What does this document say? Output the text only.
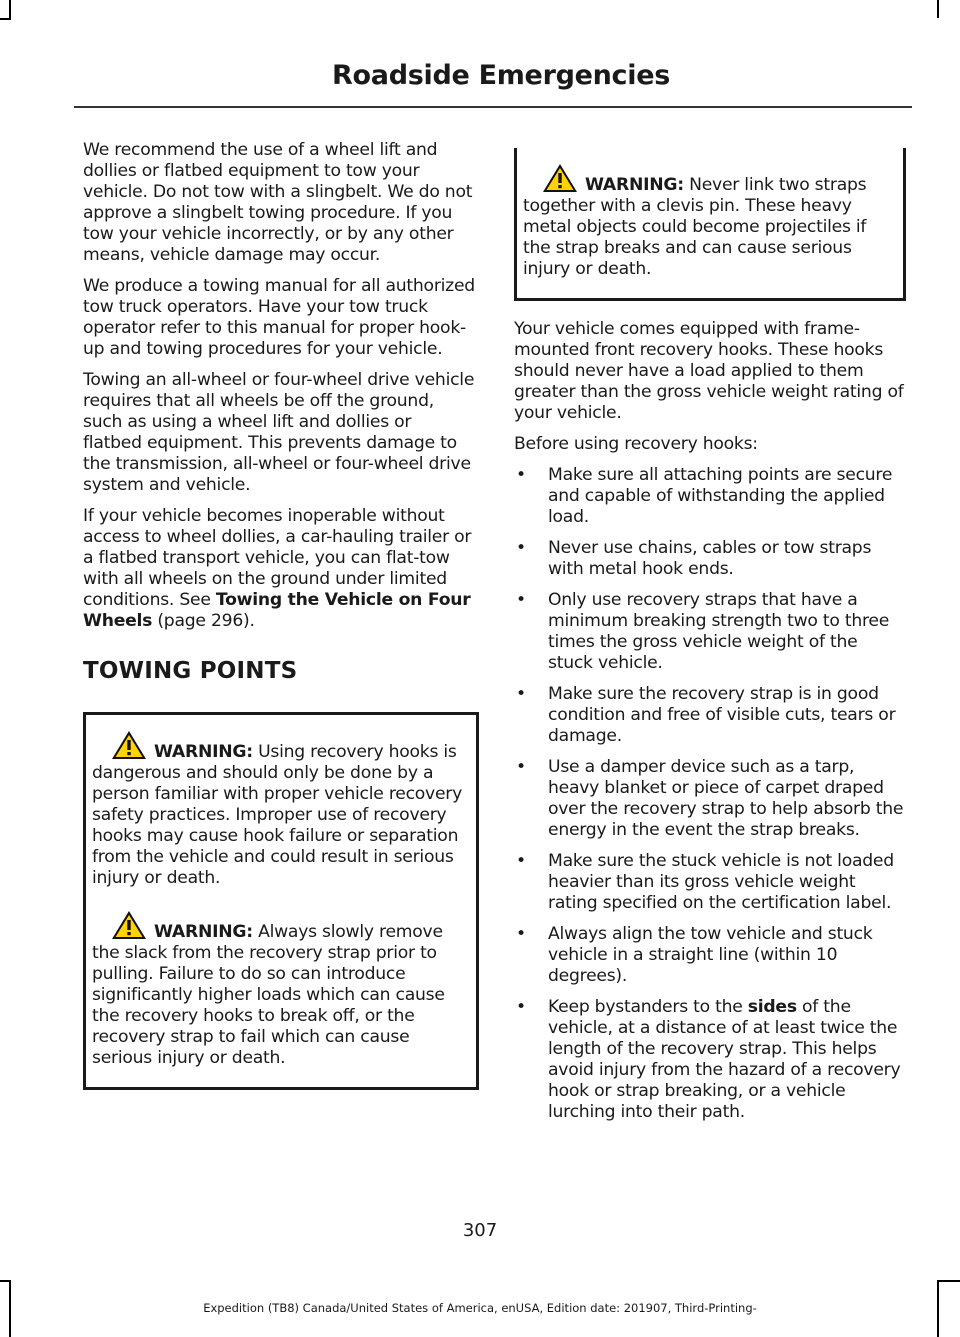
Roadside Emergencies

We recommend the use of a wheel lift and dollies or flatbed equipment to tow your vehicle. Do not tow with a slingbelt. We do not approve a slingbelt towing procedure. If you tow your vehicle incorrectly, or by any other means, vehicle damage may occur.

We produce a towing manual for all authorized tow truck operators. Have your tow truck operator refer to this manual for proper hook-up and towing procedures for your vehicle.

Towing an all-wheel or four-wheel drive vehicle requires that all wheels be off the ground, such as using a wheel lift and dollies or flatbed equipment. This prevents damage to the transmission, all-wheel or four-wheel drive system and vehicle.

If your vehicle becomes inoperable without access to wheel dollies, a car-hauling trailer or a flatbed transport vehicle, you can flat-tow with all wheels on the ground under limited conditions. See Towing the Vehicle on Four Wheels (page 296).

TOWING POINTS

WARNING: Using recovery hooks is dangerous and should only be done by a person familiar with proper vehicle recovery safety practices. Improper use of recovery hooks may cause hook failure or separation from the vehicle and could result in serious injury or death.

WARNING: Always slowly remove the slack from the recovery strap prior to pulling. Failure to do so can introduce significantly higher loads which can cause the recovery hooks to break off, or the recovery strap to fail which can cause serious injury or death.

WARNING: Never link two straps together with a clevis pin. These heavy metal objects could become projectiles if the strap breaks and can cause serious injury or death.

Your vehicle comes equipped with frame-mounted front recovery hooks. These hooks should never have a load applied to them greater than the gross vehicle weight rating of your vehicle.

Before using recovery hooks:

• Make sure all attaching points are secure and capable of withstanding the applied load.
• Never use chains, cables or tow straps with metal hook ends.
• Only use recovery straps that have a minimum breaking strength two to three times the gross vehicle weight of the stuck vehicle.
• Make sure the recovery strap is in good condition and free of visible cuts, tears or damage.
• Use a damper device such as a tarp, heavy blanket or piece of carpet draped over the recovery strap to help absorb the energy in the event the strap breaks.
• Make sure the stuck vehicle is not loaded heavier than its gross vehicle weight rating specified on the certification label.
• Always align the tow vehicle and stuck vehicle in a straight line (within 10 degrees).
• Keep bystanders to the sides of the vehicle, at a distance of at least twice the length of the recovery strap. This helps avoid injury from the hazard of a recovery hook or strap breaking, or a vehicle lurching into their path.
307
Expedition (TB8) Canada/United States of America, enUSA, Edition date: 201907, Third-Printing-
